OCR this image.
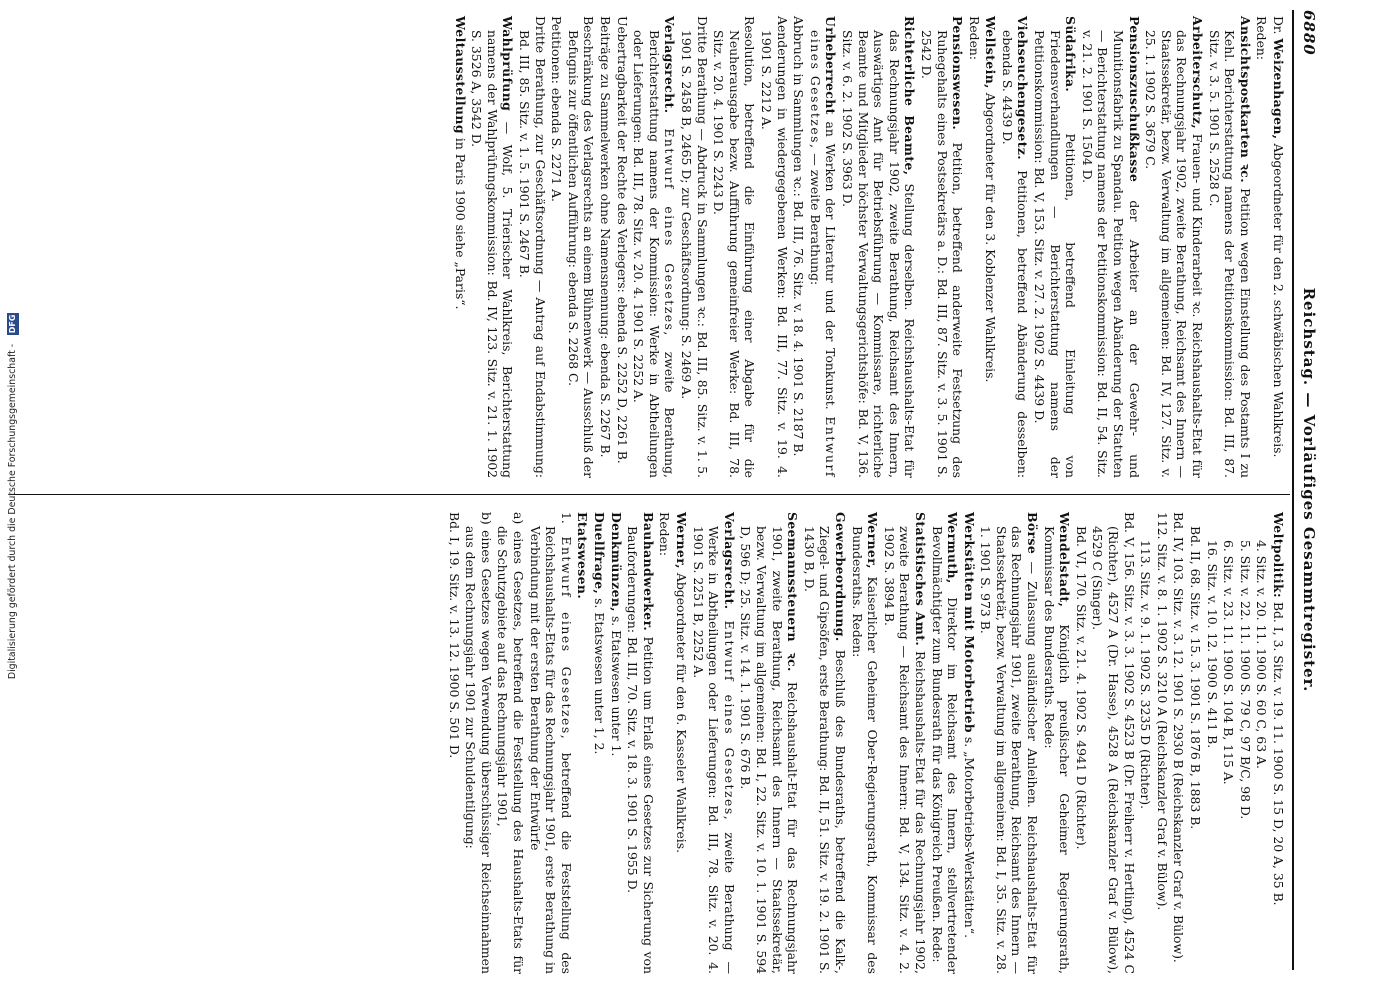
6880
Reichstag. — Vorläufiges Gesammtregister.
Dr. Weizenhagen, Abgeordneter für den 2. schwäbischen Wahlkreis.
Reden:
Ansichtspostkarten ꝛc. Petition wegen Einstellung des Postamts I zu Kehl. Berichterstattung namens der Petitionskommission: Bd. III, 87. Sitz. v. 3. 5. 1901 S. 2528 C.
Arbeiterschutz, Frauen- und Kinderarbeit ꝛc. Reichshaushalts-Etat für das Rechnungsjahr 1902, zweite Berathung, Reichsamt des Innern — Staatssekretär, bezw. Verwaltung im allgemeinen: Bd. IV, 127. Sitz. v. 25. 1. 1902 S. 3679 C.
Pensionszuschußkasse der Arbeiter an der Gewehr- und Munitionsfabrik zu Spandau. Petition wegen Abänderung der Statuten — Berichterstattung namens der Petitionskommission: Bd. II, 54. Sitz. v. 21. 2. 1901 S. 1504 D.
Südafrika. Petitionen, betreffend Einleitung von Friedensverhandlungen — Berichterstattung namens der Petitionskommission: Bd. V, 153. Sitz. v. 27. 2. 1902 S. 4439 D.
Viehseuchengesetz. Petitionen, betreffend Abänderung desselben: ebenda S. 4439 D.
Wellstein, Abgeordneter für den 3. Koblenzer Wahlkreis.
Reden:
Pensionswesen. Petition, betreffend anderweite Festsetzung des Ruhegehalts eines Postsekretärs a. D.: Bd. III, 87. Sitz. v. 3. 5. 1901 S. 2542 D.
Richterliche Beamte, Stellung derselben. Reichshaushalts-Etat für das Rechnungsjahr 1902, zweite Berathung, Reichsamt des Innern, Auswärtiges Amt für Betriebsführung — Kommissare, richterliche Beamte und Mitglieder höchster Verwaltungsgerichtshöfe: Bd. V, 136. Sitz. v. 6. 2. 1902 S. 3963 D.
Urheberrecht an Werken der Literatur und der Tonkunst. Entwurf eines Gesetzes, — zweite Berathung:
Abbruch in Sammlungen ꝛc.: Bd. III, 76. Sitz. v. 18. 4. 1901 S. 2187 B.
Aenderungen in wiedergegebenen Werken: Bd. III, 77. Sitz. v. 19. 4. 1901 S. 2212 A.
Resolution, betreffend die Einführung einer Abgabe für die Neuherausgabe bezw. Aufführung gemeinfreier Werke: Bd. III, 78. Sitz. v. 20. 4. 1901 S. 2243 D.
Dritte Berathung — Abdruck in Sammlungen ꝛc.: Bd. III, 85. Sitz. v. 1. 5. 1901 S. 2458 B, 2465 D; zur Geschäftsordnung: S. 2469 A.
Verlagsrecht. Entwurf eines Gesetzes, zweite Berathung, Berichterstattung namens der Kommission: Werke in Abtheilungen oder Lieferungen: Bd. III, 78. Sitz. v. 20. 4. 1901 S. 2252 A.
Uebertragbarkeit der Rechte des Verlegers: ebenda S. 2252 D, 2261 B.
Beiträge zu Sammelwerken ohne Namensnennung: ebenda S. 2267 B.
Beschränkung des Verlagsrechts an einem Bühnenwerk — Ausschluß der Befugnis zur öffentlichen Aufführung: ebenda S. 2268 C.
Petitionen: ebenda S. 2271 A.
Dritte Berathung, zur Geschäftsordnung — Antrag auf Endabstimmung: Bd. III, 85. Sitz. v. 1. 5. 1901 S. 2467 B.
Wahlprüfung — Wolf, 5. Trierischer Wahlkreis, Berichterstattung namens der Wahlprüfungskommission: Bd. IV, 123. Sitz. v. 21. 1. 1902 S. 3526 A, 3542 D.
Weltausstellung in Paris 1900 siehe „Paris“.
Weltpolitik: Bd. I, 3. Sitz. v. 19. 11. 1900 S. 15 D, 20 A, 35 B.
4. Sitz. v. 20. 11. 1900 S. 60 C, 63 A.
5. Sitz. v. 22. 11. 1900 S. 79 C, 97 B/C, 98 D.
6. Sitz. v. 23. 11. 1900 S. 104 B, 115 A.
16. Sitz. v. 10. 12. 1900 S. 411 B.
Bd. II, 68. Sitz. v. 15. 3. 1901 S. 1876 B, 1883 B.
Bd. IV, 103. Sitz. v. 3. 12. 1901 S. 2930 B (Reichskanzler Graf v. Bülow).
112. Sitz. v. 8. 1. 1902 S. 3210 A (Reichskanzler Graf v. Bülow).
113. Sitz. v. 9. 1. 1902 S. 3235 D (Richter).
Bd. V, 156. Sitz. v. 3. 3. 1902 S. 4523 B (Dr. Freiherr v. Hertling), 4524 C (Richter), 4527 A (Dr. Hasse), 4528 A (Reichskanzler Graf v. Bülow), 4529 C (Singer).
Bd. VI, 170. Sitz. v. 21. 4. 1902 S. 4941 D (Richter).
Wendelstadt, Königlich preußischer Geheimer Regierungsrath, Kommissar des Bundesraths. Rede:
Börse — Zulassung ausländischer Anleihen. Reichshaushalts-Etat für das Rechnungsjahr 1901, zweite Berathung, Reichsamt des Innern — Staatssekretär, bezw. Verwaltung im allgemeinen: Bd. I, 35. Sitz. v. 28. 1. 1901 S. 973 B.
Werkstätten mit Motorbetrieb s. „Motorbetriebs-Werkstätten“.
Wermuth, Direktor im Reichsamt des Innern, stellvertretender Bevollmächtigter zum Bundesrath für das Königreich Preußen. Rede:
Statistisches Amt. Reichshaushalts-Etat für das Rechnungsjahr 1902, zweite Berathung — Reichsamt des Innern: Bd. V, 134. Sitz. v. 4. 2. 1902 S. 3894 B.
Werner, Kaiserlicher Geheimer Ober-Regierungsrath, Kommissar des Bundesraths. Reden:
Gewerbeordnung. Beschluß des Bundesraths, betreffend die Kalk-, Ziegel- und Gipsöfen, erste Berathung: Bd. II, 51. Sitz. v. 19. 2. 1901 S. 1430 B, D.
Seemannssteuern ꝛc. Reichshaushalt-Etat für das Rechnungsjahr 1901, zweite Berathung, Reichsamt des Innern — Staatssekretär, bezw. Verwaltung im allgemeinen: Bd. I, 22. Sitz. v. 10. 1. 1901 S. 594 D, 596 D; 25. Sitz. v. 14. 1. 1901 S. 676 B.
Verlagsrecht. Entwurf eines Gesetzes, zweite Berathung — Werke in Abtheilungen oder Lieferungen: Bd. III, 78. Sitz. v. 20. 4. 1901 S. 2251 B, 2252 A.
Werner, Abgeordneter für den 6. Kasseler Wahlkreis.
Reden:
Bauhandwerker. Petition um Erlaß eines Gesetzes zur Sicherung von Bauforderungen: Bd. III, 70. Sitz. v. 18. 3. 1901 S. 1955 D.
Denkmünzen, s. Etatswesen unter 1.
Duellfrage, s. Etatswesen unter 1, 2.
Etatswesen.
1. Entwurf eines Gesetzes, betreffend die Feststellung des Reichshaushalts-Etats für das Rechnungsjahr 1901, erste Berathung in Verbindung mit der ersten Berathung der Entwürfe
a) eines Gesetzes, betreffend die Feststellung des Haushalts-Etats für die Schutzgebiete auf das Rechnungsjahr 1901,
b) eines Gesetzes wegen Verwendung überschüssiger Reichseinnahmen aus dem Rechnungsjahr 1901 zur Schuldentilgung:
Bd. I, 19. Sitz. v. 13. 12. 1900 S. 501 D.
Digitalisierung gefördert durch die Deutsche Forschungsgemeinschaft - DFG
